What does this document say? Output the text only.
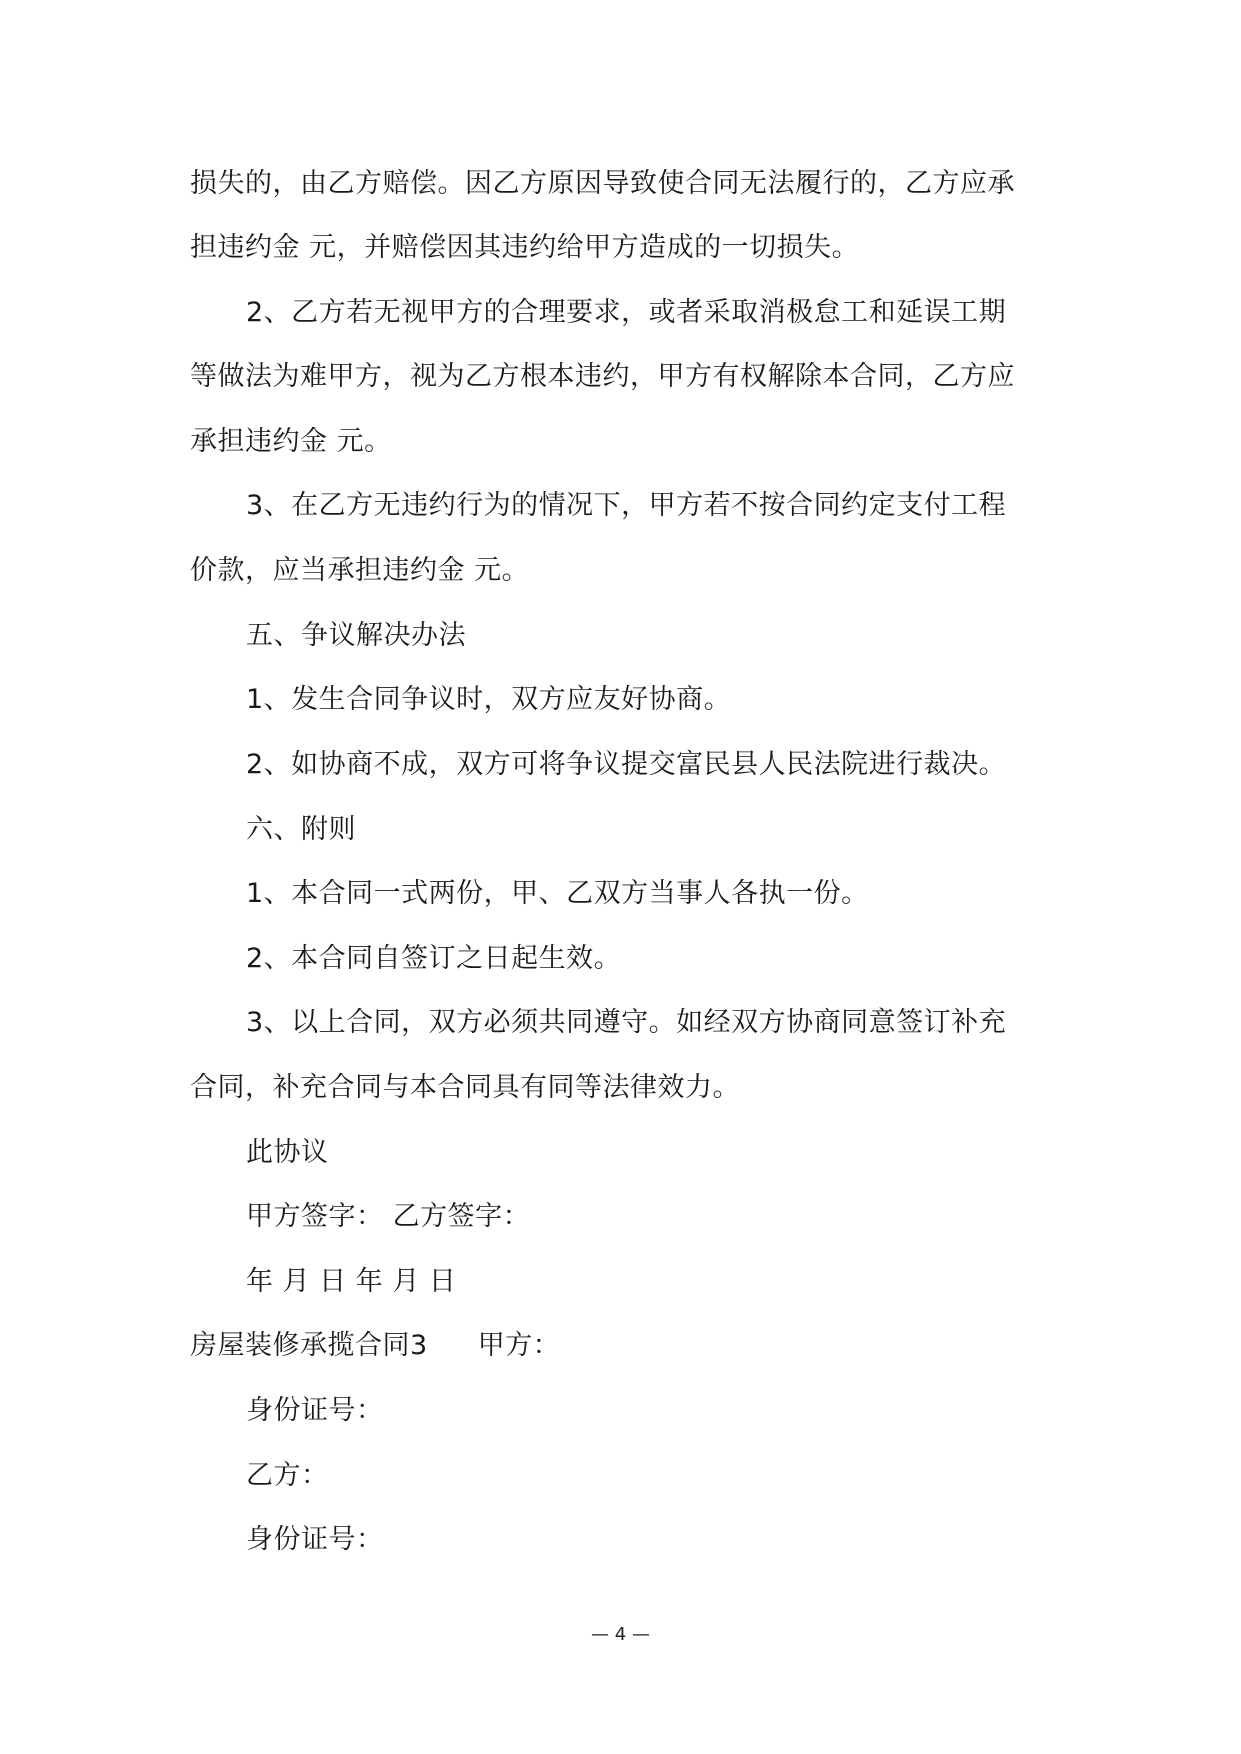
损失的，由乙方赔偿。因乙方原因导致使合同无法履行的，乙方应承
担违约金 元，并赔偿因其违约给甲方造成的一切损失。
2、乙方若无视甲方的合理要求，或者采取消极怠工和延误工期
等做法为难甲方，视为乙方根本违约，甲方有权解除本合同，乙方应
承担违约金 元。
3、在乙方无违约行为的情况下，甲方若不按合同约定支付工程
价款，应当承担违约金 元。
五、争议解决办法
1、发生合同争议时，双方应友好协商。
2、如协商不成，双方可将争议提交富民县人民法院进行裁决。
六、附则
1、本合同一式两份，甲、乙双方当事人各执一份。
2、本合同自签订之日起生效。
3、以上合同，双方必须共同遵守。如经双方协商同意签订补充
合同，补充合同与本合同具有同等法律效力。
此协议
甲方签字： 乙方签字：
年 月 日 年 月 日
房屋装修承揽合同3 甲方：
身份证号：
乙方：
身份证号：
— 4 —
